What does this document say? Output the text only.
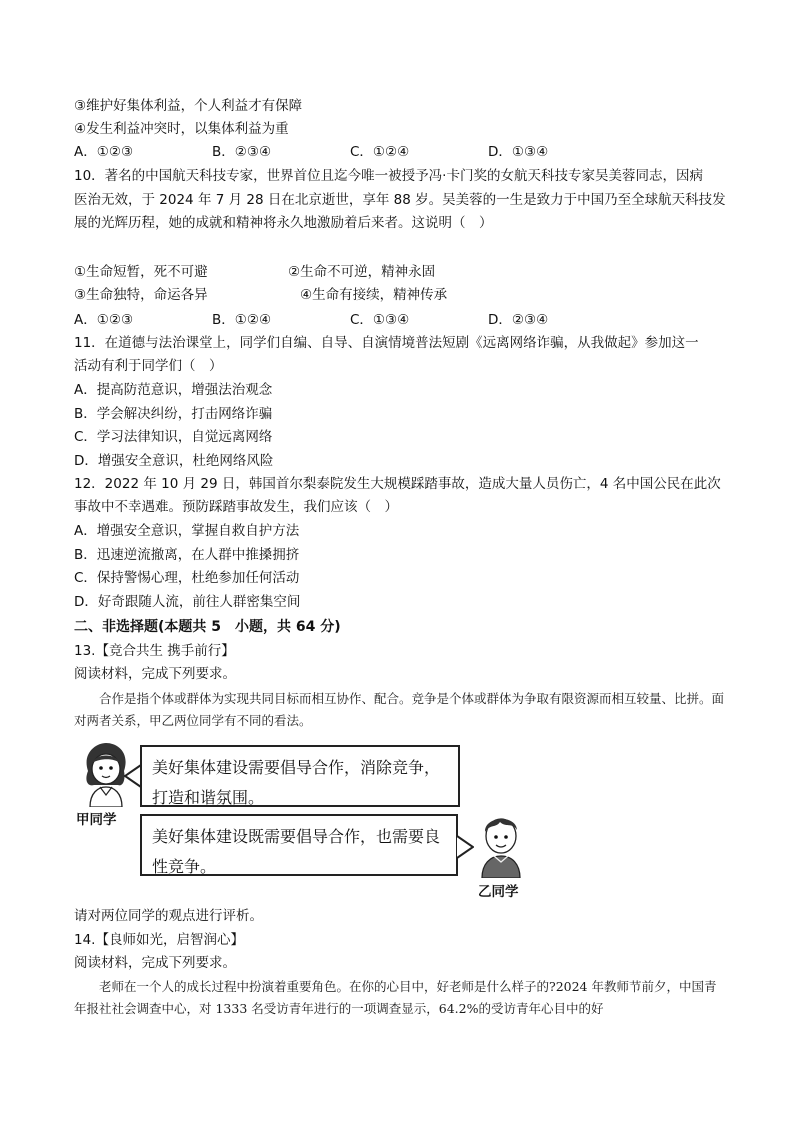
③维护好集体利益，个人利益才有保障
④发生利益冲突时，以集体利益为重
A．①②③	B．②③④	C．①②④	D．①③④
10．著名的中国航天科技专家，世界首位且迄今唯一被授予冯·卡门奖的女航天科技专家吴美蓉同志，因病
医治无效，于 2024 年 7 月 28 日在北京逝世，享年 88 岁。吴美蓉的一生是致力于中国乃至全球航天科技发
展的光辉历程，她的成就和精神将永久地激励着后来者。这说明（　）
①生命短暂，死不可避	②生命不可逆，精神永固
③生命独特，命运各异	④生命有接续，精神传承
A．①②③	B．①②④	C．①③④	D．②③④
11．在道德与法治课堂上，同学们自编、自导、自演情境普法短剧《远离网络诈骗，从我做起》参加这一
活动有利于同学们（　）
A．提高防范意识，增强法治观念
B．学会解决纠纷，打击网络诈骗
C．学习法律知识，自觉远离网络
D．增强安全意识，杜绝网络风险
12．2022 年 10 月 29 日，韩国首尔梨泰院发生大规模踩踏事故，造成大量人员伤亡，4 名中国公民在此次
事故中不幸遇难。预防踩踏事故发生，我们应该（　）
A．增强安全意识，掌握自救自护方法
B．迅速逆流撤离，在人群中推搡拥挤
C．保持警惕心理，杜绝参加任何活动
D．好奇跟随人流，前往人群密集空间
二、非选择题(本题共 5　小题，共 64 分)
13.【竞合共生 携手前行】
阅读材料，完成下列要求。
合作是指个体或群体为实现共同目标而相互协作、配合。竞争是个体或群体为争取有限资源而相互较量、比拼。面对两者关系，甲乙两位同学有不同的看法。
甲同学
美好集体建设需要倡导合作，消除竞争，打造和谐氛围。
美好集体建设既需要倡导合作，也需要良性竞争。
乙同学
请对两位同学的观点进行评析。
14.【良师如光，启智润心】
阅读材料，完成下列要求。
老师在一个人的成长过程中扮演着重要角色。在你的心目中，好老师是什么样子的?2024 年教师节前夕，中国青年报社社会调查中心，对 1333 名受访青年进行的一项调查显示，64.2%的受访青年心目中的好
